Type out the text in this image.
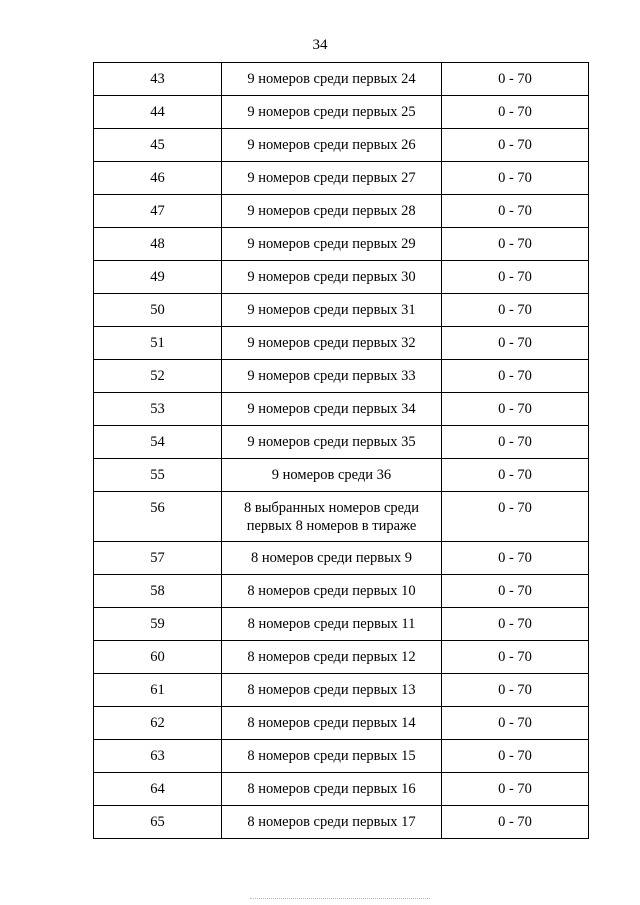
34
43	9 номеров среди первых 24	0 - 70
44	9 номеров среди первых 25	0 - 70
45	9 номеров среди первых 26	0 - 70
46	9 номеров среди первых 27	0 - 70
47	9 номеров среди первых 28	0 - 70
48	9 номеров среди первых 29	0 - 70
49	9 номеров среди первых 30	0 - 70
50	9 номеров среди первых 31	0 - 70
51	9 номеров среди первых 32	0 - 70
52	9 номеров среди первых 33	0 - 70
53	9 номеров среди первых 34	0 - 70
54	9 номеров среди первых 35	0 - 70
55	9 номеров среди 36	0 - 70
56	8 выбранных номеров среди первых 8 номеров в тираже	0 - 70
57	8 номеров среди первых 9	0 - 70
58	8 номеров среди первых 10	0 - 70
59	8 номеров среди первых 11	0 - 70
60	8 номеров среди первых 12	0 - 70
61	8 номеров среди первых 13	0 - 70
62	8 номеров среди первых 14	0 - 70
63	8 номеров среди первых 15	0 - 70
64	8 номеров среди первых 16	0 - 70
65	8 номеров среди первых 17	0 - 70
